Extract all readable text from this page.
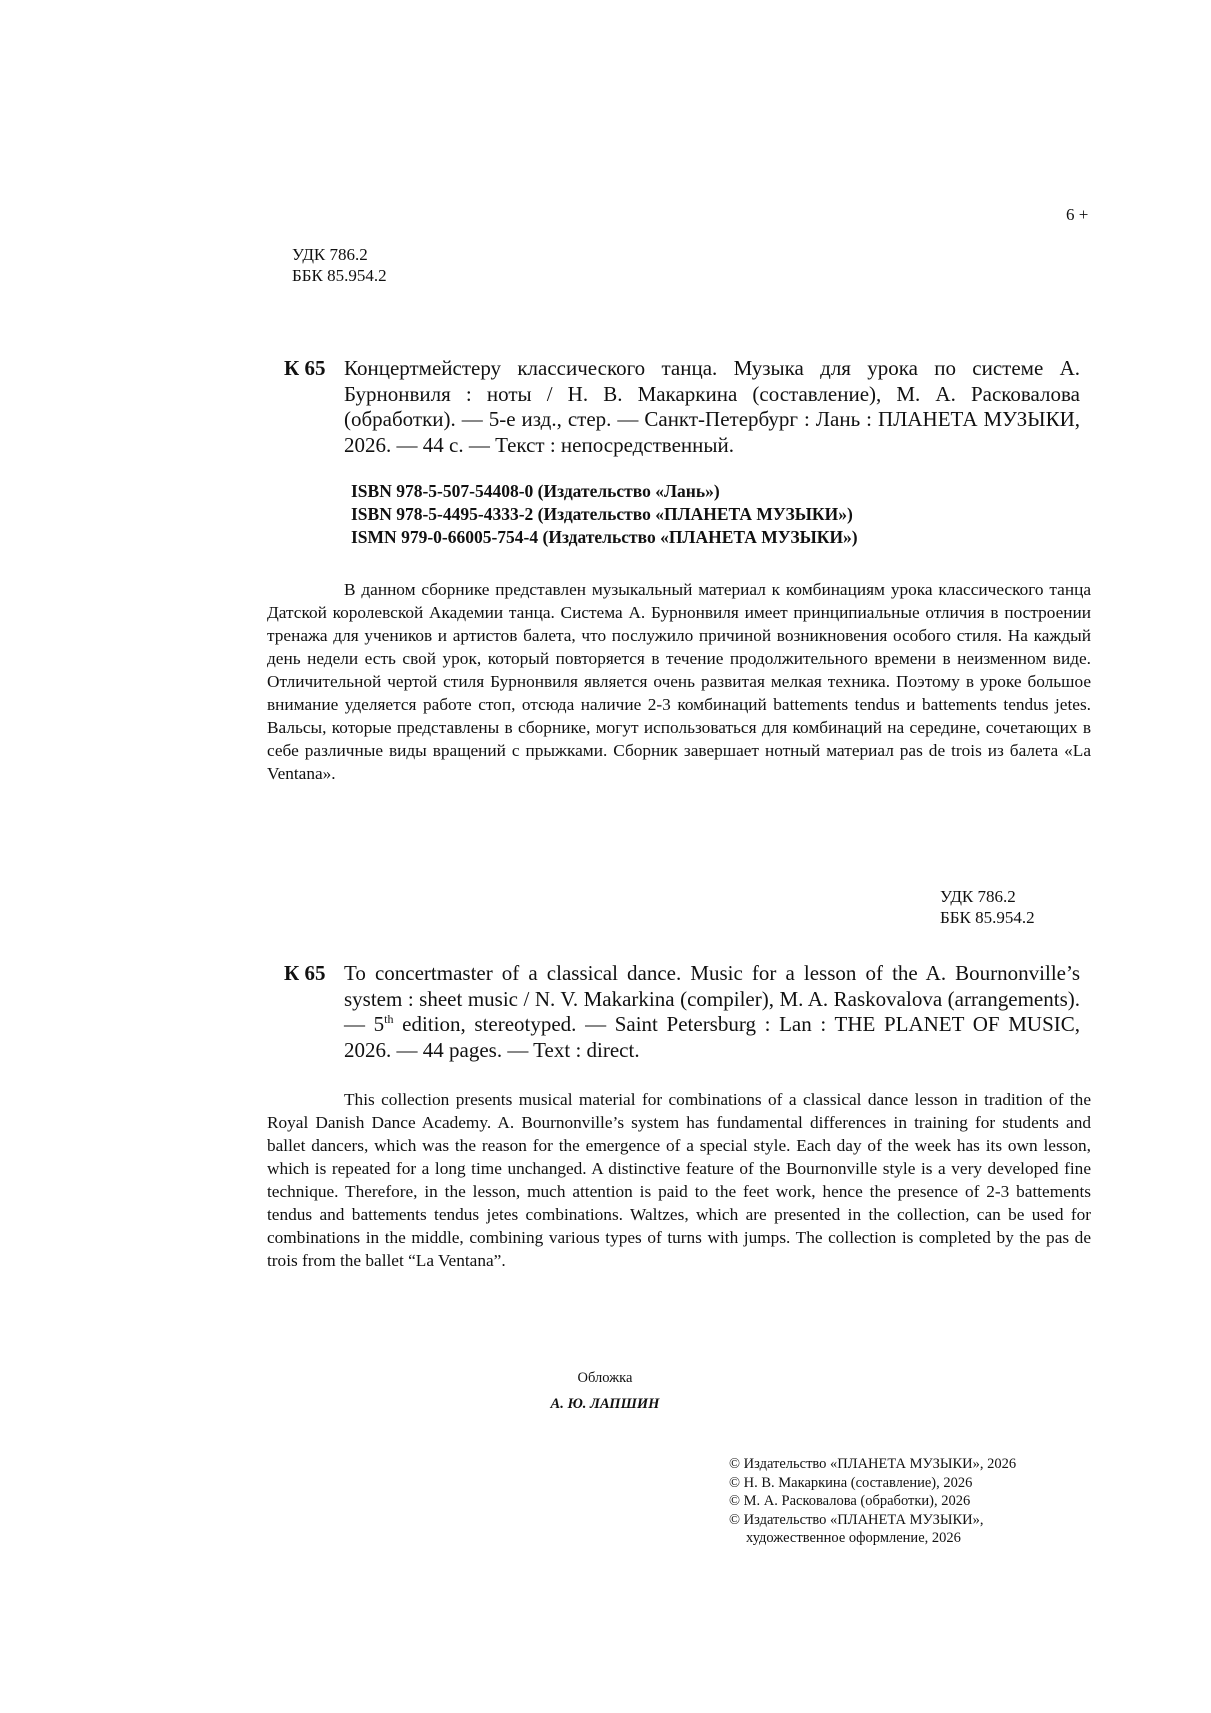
УДК 786.2
ББК 85.954.2
6 +
К 65 Концертмейстеру классического танца. Музыка для урока по системе А. Бурнонвиля : ноты / Н. В. Макаркина (составление), М. А. Расковалова (обработки). — 5-е изд., стер. — Санкт-Петербург : Лань : ПЛАНЕТА МУЗЫКИ, 2026. — 44 с. — Текст : непосредственный.
ISBN 978-5-507-54408-0 (Издательство «Лань»)
ISBN 978-5-4495-4333-2 (Издательство «ПЛАНЕТА МУЗЫКИ»)
ISMN 979-0-66005-754-4 (Издательство «ПЛАНЕТА МУЗЫКИ»)

В данном сборнике представлен музыкальный материал к комбинациям урока классического танца Датской королевской Академии танца. Система А. Бурнонвиля имеет принципиальные отличия в построении тренажа для учеников и артистов балета, что послужило причиной возникновения особого стиля. На каждый день недели есть свой урок, который повторяется в течение продолжительного времени в неизменном виде. Отличительной чертой стиля Бурнонвиля является очень развитая мелкая техника. Поэтому в уроке большое внимание уделяется работе стоп, отсюда наличие 2-3 комбинаций battements tendus и battements tendus jetes. Вальсы, которые представлены в сборнике, могут использоваться для комбинаций на середине, сочетающих в себе различные виды вращений с прыжками. Сборник завершает нотный материал pas de trois из балета «La Ventana».

УДК 786.2
ББК 85.954.2
К 65 To concertmaster of a classical dance. Music for a lesson of the A. Bournonville’s system : sheet music / N. V. Makarkina (compiler), M. A. Raskovalova (arrangements). — 5th edition, stereotyped. — Saint Petersburg : Lan : THE PLANET OF MUSIC, 2026. — 44 pages. — Text : direct.

This collection presents musical material for combinations of a classical dance lesson in tradition of the Royal Danish Dance Academy. A. Bournonville’s system has fundamental differences in training for students and ballet dancers, which was the reason for the emergence of a special style. Each day of the week has its own lesson, which is repeated for a long time unchanged. A distinctive feature of the Bournonville style is a very developed fine technique. Therefore, in the lesson, much attention is paid to the feet work, hence the presence of 2-3 battements tendus and battements tendus jetes combinations. Waltzes, which are presented in the collection, can be used for combinations in the middle, combining various types of turns with jumps. The collection is completed by the pas de trois from the ballet “La Ventana”.

Обложка
А. Ю. ЛАПШИН
© Издательство «ПЛАНЕТА МУЗЫКИ», 2026
© Н. В. Макаркина (составление), 2026
© М. А. Расковалова (обработки), 2026
© Издательство «ПЛАНЕТА МУЗЫКИ»,
художественное оформление, 2026
